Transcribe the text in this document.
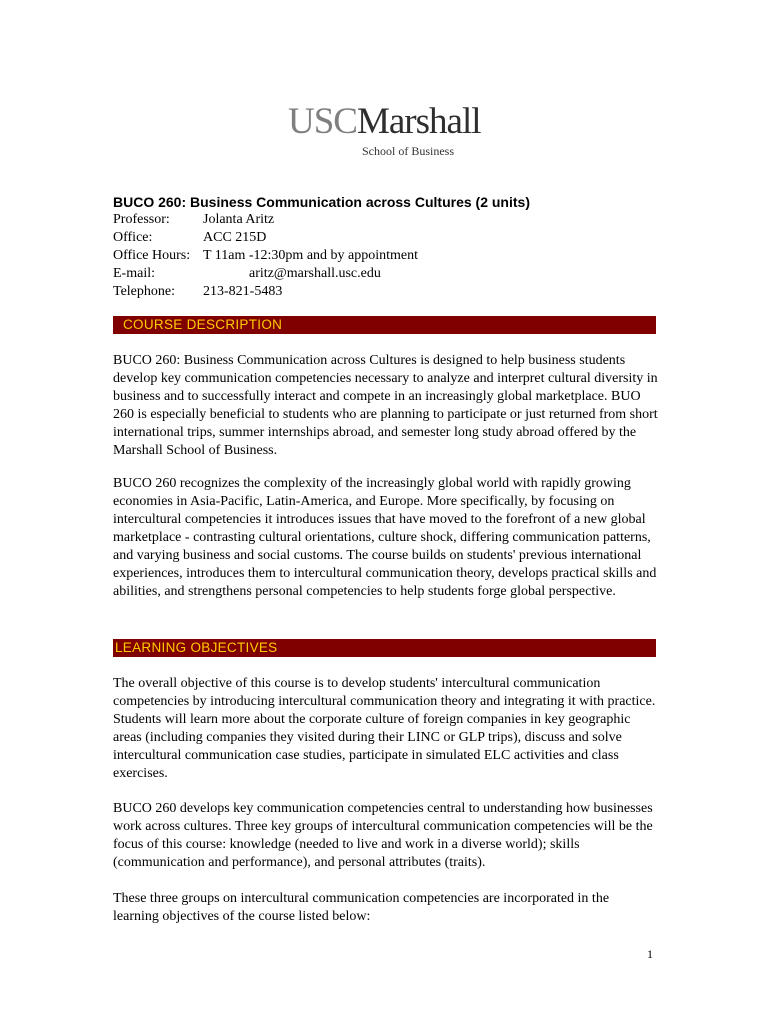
USCMarshall
School of Business
BUCO 260: Business Communication across Cultures (2 units)
Professor: Jolanta Aritz
Office:	ACC 215D
Office Hours: T 11am -12:30pm and by appointment
E-mail:	aritz@marshall.usc.edu
Telephone: 213-821-5483
COURSE DESCRIPTION

BUCO 260: Business Communication across Cultures is designed to help business students develop key communication competencies necessary to analyze and interpret cultural diversity in business and to successfully interact and compete in an increasingly global marketplace. BUO 260 is especially beneficial to students who are planning to participate or just returned from short international trips, summer internships abroad, and semester long study abroad offered by the Marshall School of Business.

BUCO 260 recognizes the complexity of the increasingly global world with rapidly growing economies in Asia-Pacific, Latin-America, and Europe. More specifically, by focusing on intercultural competencies it introduces issues that have moved to the forefront of a new global marketplace - contrasting cultural orientations, culture shock, differing communication patterns, and varying business and social customs. The course builds on students' previous international experiences, introduces them to intercultural communication theory, develops practical skills and abilities, and strengthens personal competencies to help students forge global perspective.

LEARNING OBJECTIVES

The overall objective of this course is to develop students' intercultural communication competencies by introducing intercultural communication theory and integrating it with practice. Students will learn more about the corporate culture of foreign companies in key geographic areas (including companies they visited during their LINC or GLP trips), discuss and solve intercultural communication case studies, participate in simulated ELC activities and class exercises.

BUCO 260 develops key communication competencies central to understanding how businesses work across cultures. Three key groups of intercultural communication competencies will be the focus of this course: knowledge (needed to live and work in a diverse world); skills (communication and performance), and personal attributes (traits).

These three groups on intercultural communication competencies are incorporated in the learning objectives of the course listed below:

1
